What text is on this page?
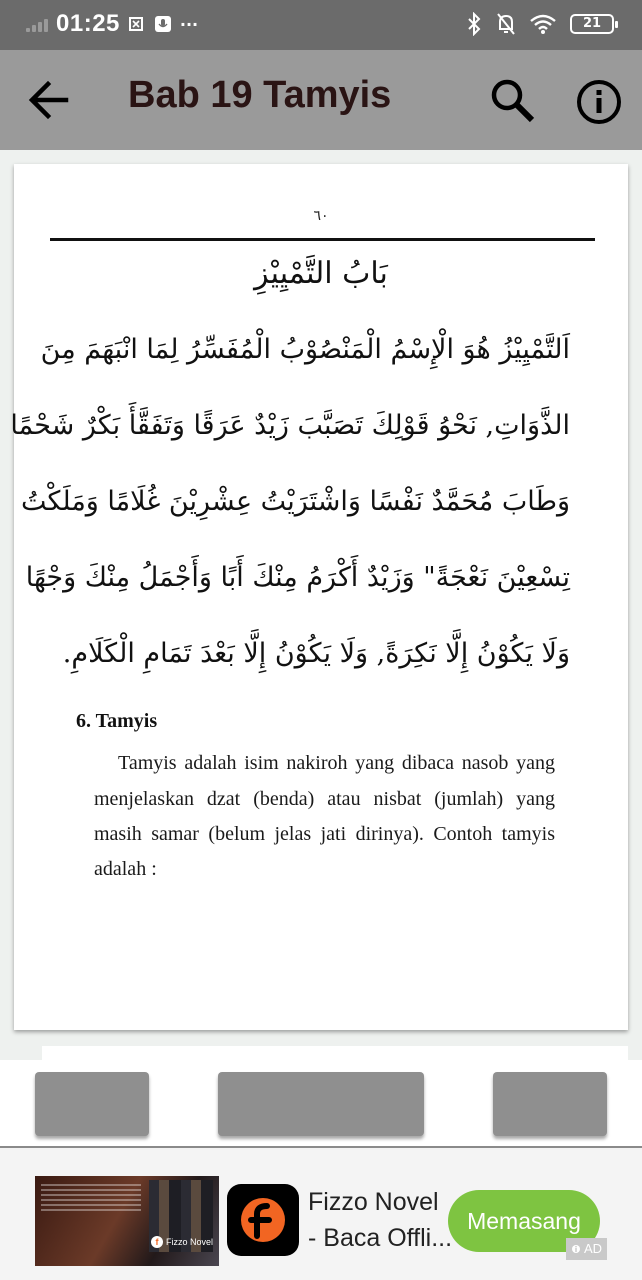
01:25	···	21
Bab 19 Tamyis
٦٠
بَابُ التَّمْيِيْزِ
اَلتَّمْيِيْزُ هُوَ الْإِسْمُ الْمَنْصُوْبُ الْمُفَسِّرُ لِمَا انْبَهَمَ مِنَ
الذَّوَاتِ, نَحْوُ قَوْلِكَ تَصَبَّبَ زَيْدٌ عَرَقًا وَتَفَقَّأَ بَكْرٌ شَحْمًا
وَطَابَ مُحَمَّدٌ نَفْسًا وَاشْتَرَيْتُ عِشْرِيْنَ غُلَامًا وَمَلَكْتُ
تِسْعِيْنَ نَعْجَةً" وَزَيْدٌ أَكْرَمُ مِنْكَ أَبًا وَأَجْمَلُ مِنْكَ وَجْهًا
وَلَا يَكُوْنُ إِلَّا نَكِرَةً, وَلَا يَكُوْنُ إِلَّا بَعْدَ تَمَامِ الْكَلَامِ.
6. Tamyis
Tamyis adalah isim nakiroh yang dibaca nasob yang
menjelaskan dzat (benda) atau nisbat (jumlah) yang
masih samar (belum jelas jati dirinya). Contoh tamyis
adalah :
f Fizzo Novel
Fizzo Novel
- Baca Offli...
Memasang
AD
